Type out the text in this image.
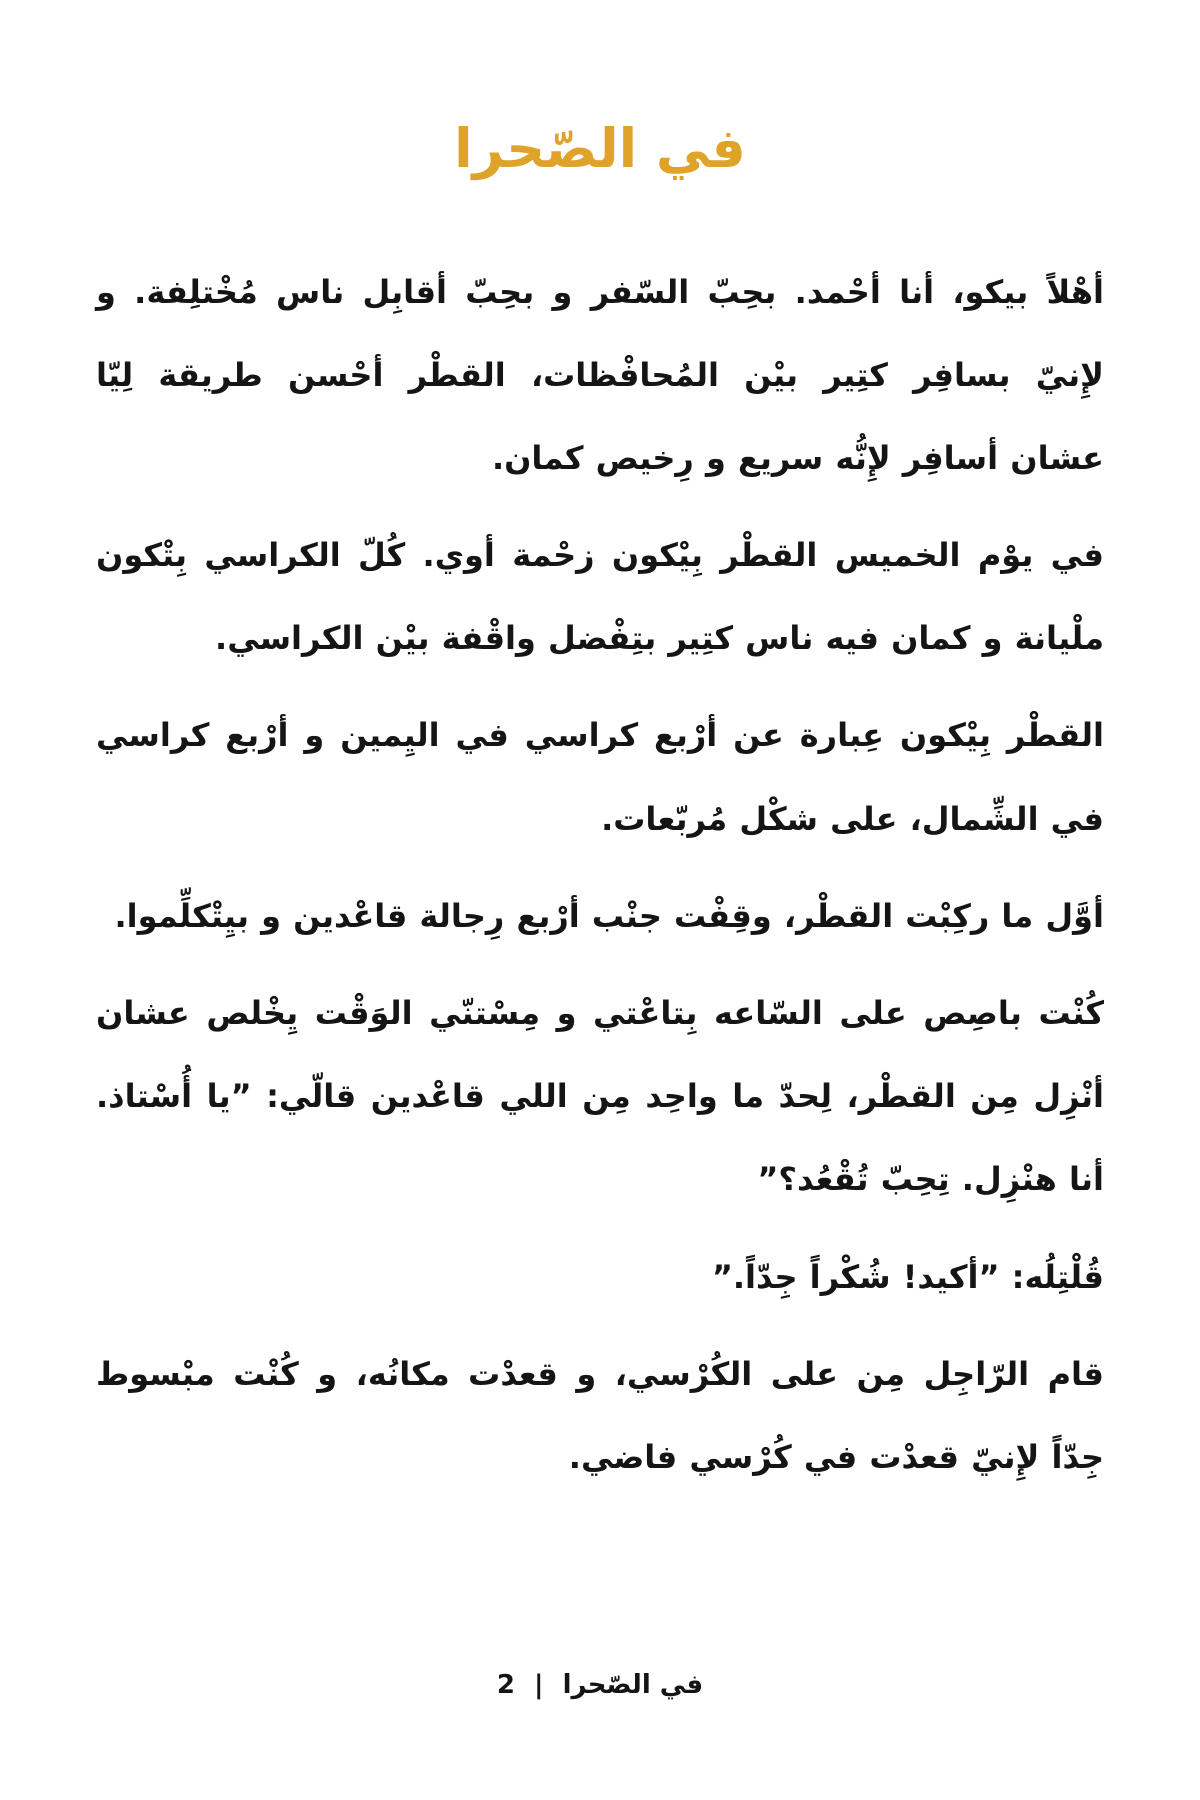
في الصّحرا

أهْلاً بيكو، أنا أحْمد. بحِبّ السّفر و بحِبّ أقابِل ناس مُخْتلِفة. و لإِنيّ بسافِر كتِير بيْن المُحافْظات، القطْر أحْسن طريقة لِيّا عشان أسافِر لإِنُّه سريع و رِخيص كمان.

في يوْم الخميس القطْر بِيْكون زحْمة أوي. كُلّ الكراسي بِتْكون ملْيانة و كمان فيه ناس كتِير بتِفْضل واقْفة بيْن الكراسي.

القطْر بِيْكون عِبارة عن أرْبع كراسي في اليِمين و أرْبع كراسي في الشِّمال، على شكْل مُربّعات.

أوَّل ما ركِبْت القطْر، وقِفْت جنْب أرْبع رِجالة قاعْدين و بيِتْكلِّموا.

كُنْت باصِص على السّاعه بِتاعْتي و مِسْتنّي الوَقْت يِخْلص عشان أنْزِل مِن القطْر، لِحدّ ما واحِد مِن اللي قاعْدين قالّي: ”يا أُسْتاذ. أنا هنْزِل. تِحِبّ تُقْعُد؟”

قُلْتِلُه: ”أكيد! شُكْراً جِدّاً.”

قام الرّاجِل مِن على الكُرْسي، و قعدْت مكانُه، و كُنْت مبْسوط جِدّاً لإِنيّ قعدْت في كُرْسي فاضي.

في الصّحرا | 2
